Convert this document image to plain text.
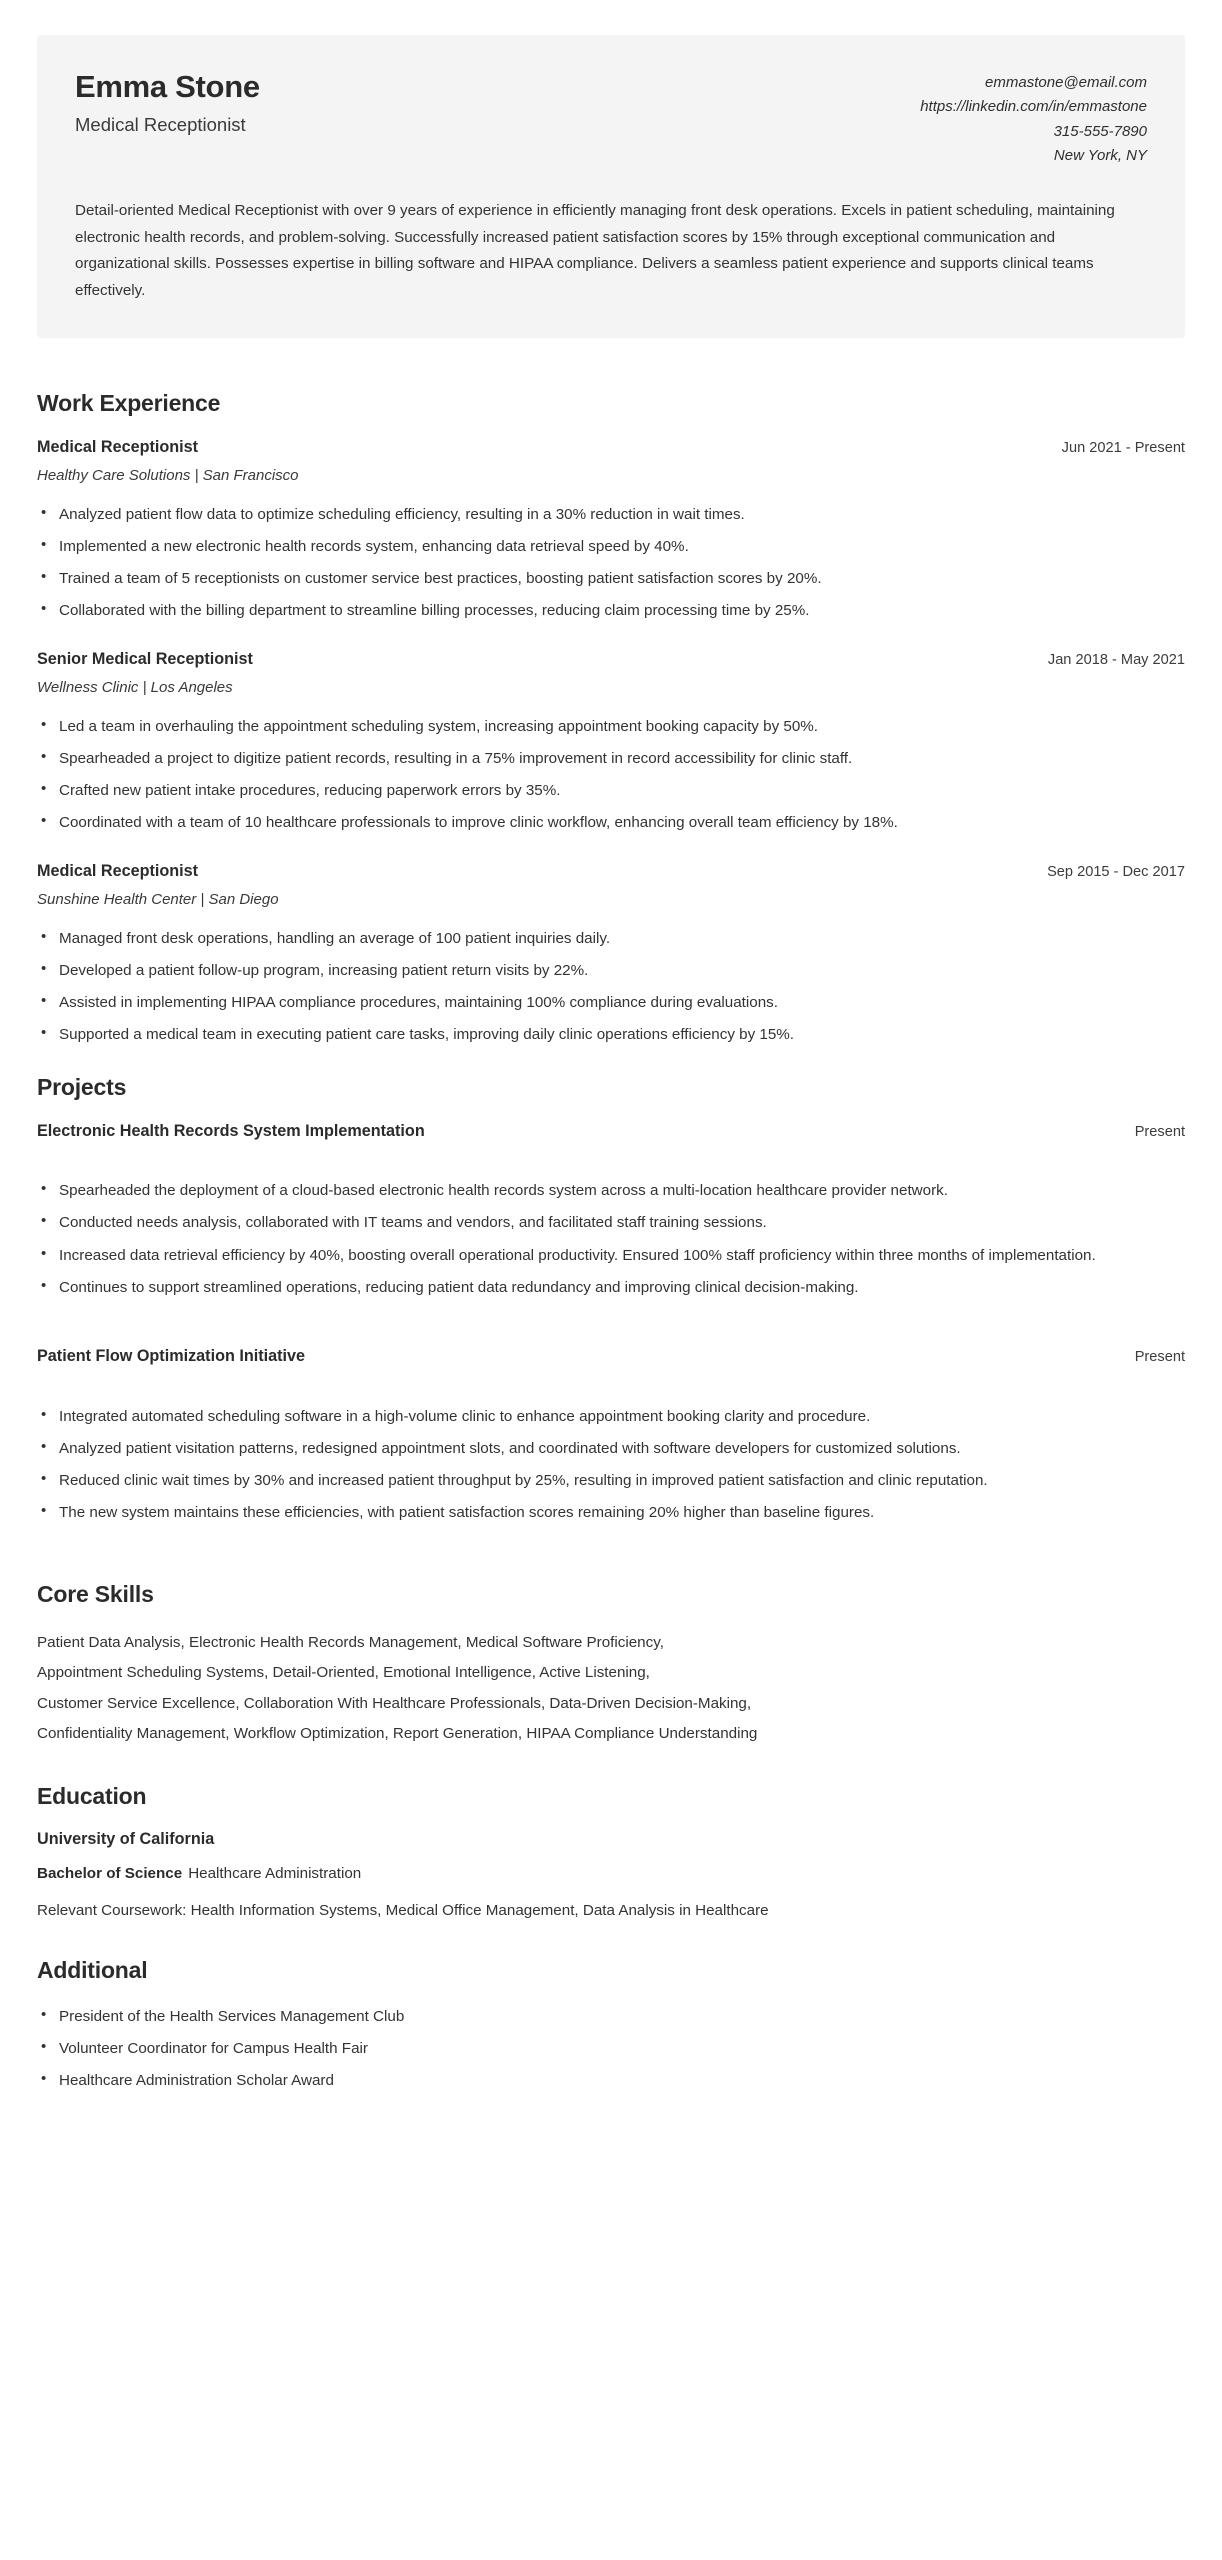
Emma Stone
Medical Receptionist
emmastone@email.com
https://linkedin.com/in/emmastone
315-555-7890
New York, NY

Detail-oriented Medical Receptionist with over 9 years of experience in efficiently managing front desk operations. Excels in patient scheduling, maintaining electronic health records, and problem-solving. Successfully increased patient satisfaction scores by 15% through exceptional communication and organizational skills. Possesses expertise in billing software and HIPAA compliance. Delivers a seamless patient experience and supports clinical teams effectively.

Work Experience
Medical Receptionist	Jun 2021 - Present
Healthy Care Solutions | San Francisco
• Analyzed patient flow data to optimize scheduling efficiency, resulting in a 30% reduction in wait times.
• Implemented a new electronic health records system, enhancing data retrieval speed by 40%.
• Trained a team of 5 receptionists on customer service best practices, boosting patient satisfaction scores by 20%.
• Collaborated with the billing department to streamline billing processes, reducing claim processing time by 25%.
Senior Medical Receptionist	Jan 2018 - May 2021
Wellness Clinic | Los Angeles
• Led a team in overhauling the appointment scheduling system, increasing appointment booking capacity by 50%.
• Spearheaded a project to digitize patient records, resulting in a 75% improvement in record accessibility for clinic staff.
• Crafted new patient intake procedures, reducing paperwork errors by 35%.
• Coordinated with a team of 10 healthcare professionals to improve clinic workflow, enhancing overall team efficiency by 18%.
Medical Receptionist	Sep 2015 - Dec 2017
Sunshine Health Center | San Diego
• Managed front desk operations, handling an average of 100 patient inquiries daily.
• Developed a patient follow-up program, increasing patient return visits by 22%.
• Assisted in implementing HIPAA compliance procedures, maintaining 100% compliance during evaluations.
• Supported a medical team in executing patient care tasks, improving daily clinic operations efficiency by 15%.
Projects
Electronic Health Records System Implementation	Present
• Spearheaded the deployment of a cloud-based electronic health records system across a multi-location healthcare provider network.
• Conducted needs analysis, collaborated with IT teams and vendors, and facilitated staff training sessions.
• Increased data retrieval efficiency by 40%, boosting overall operational productivity. Ensured 100% staff proficiency within three months of implementation.
• Continues to support streamlined operations, reducing patient data redundancy and improving clinical decision-making.
Patient Flow Optimization Initiative	Present
• Integrated automated scheduling software in a high-volume clinic to enhance appointment booking clarity and procedure.
• Analyzed patient visitation patterns, redesigned appointment slots, and coordinated with software developers for customized solutions.
• Reduced clinic wait times by 30% and increased patient throughput by 25%, resulting in improved patient satisfaction and clinic reputation.
• The new system maintains these efficiencies, with patient satisfaction scores remaining 20% higher than baseline figures.
Core Skills
Patient Data Analysis, Electronic Health Records Management, Medical Software Proficiency,
Appointment Scheduling Systems, Detail-Oriented, Emotional Intelligence, Active Listening,
Customer Service Excellence, Collaboration With Healthcare Professionals, Data-Driven Decision-Making,
Confidentiality Management, Workflow Optimization, Report Generation, HIPAA Compliance Understanding
Education
University of California
Bachelor of Science Healthcare Administration
Relevant Coursework: Health Information Systems, Medical Office Management, Data Analysis in Healthcare
Additional
• President of the Health Services Management Club
• Volunteer Coordinator for Campus Health Fair
• Healthcare Administration Scholar Award
